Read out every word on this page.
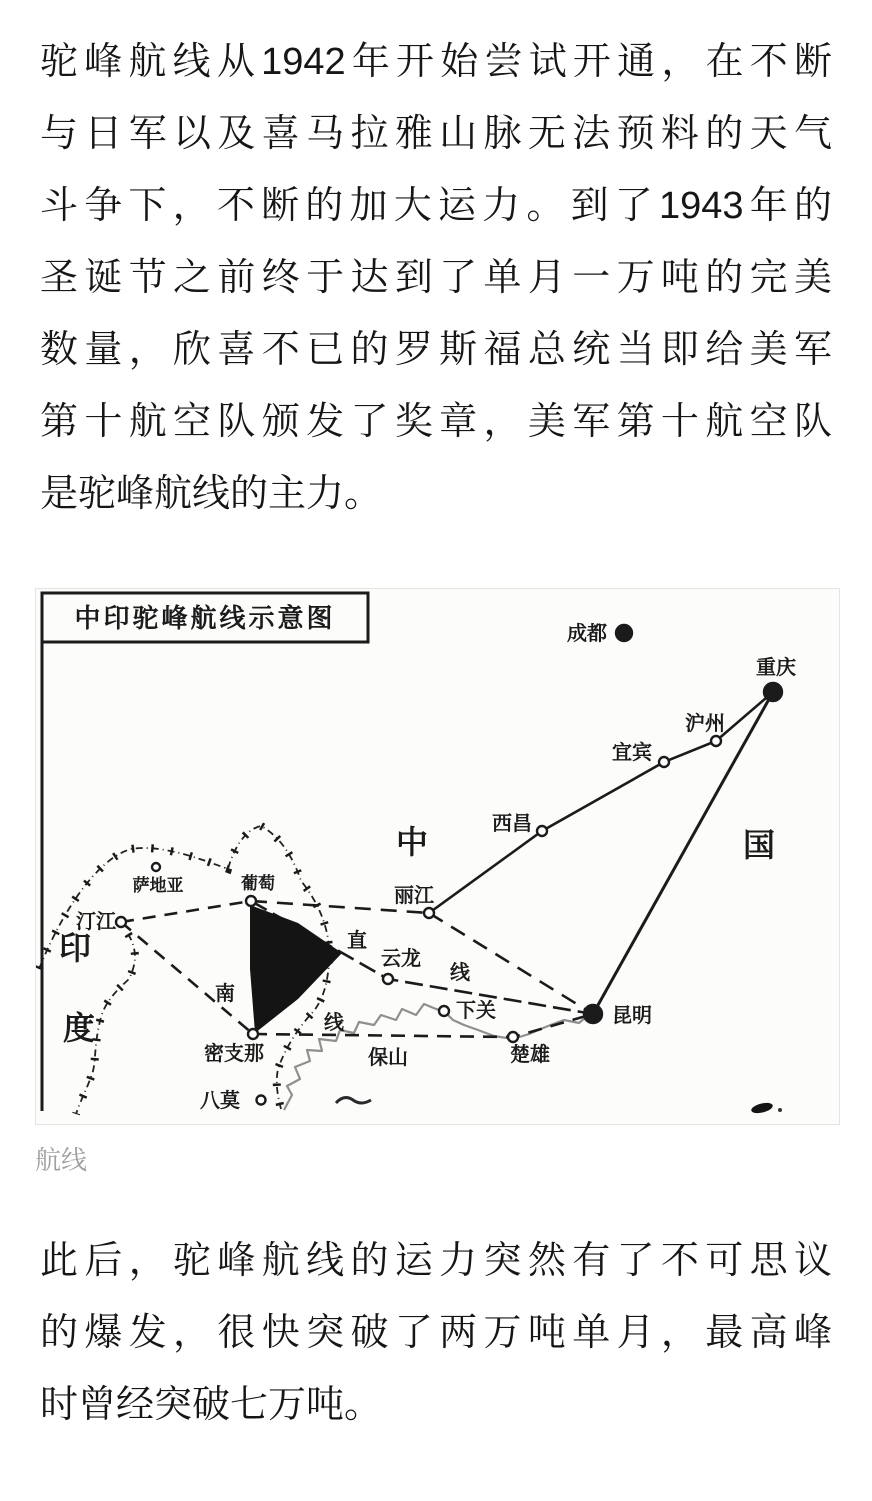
驼峰航线从1942年开始尝试开通，在不断
与日军以及喜马拉雅山脉无法预料的天气
斗争下，不断的加大运力。到了1943年的
圣诞节之前终于达到了单月一万吨的完美
数量，欣喜不已的罗斯福总统当即给美军
第十航空队颁发了奖章，美军第十航空队
是驼峰航线的主力。
中印驼峰航线示意图
中	国
印
度
成都
重庆
沪州
宜宾
西昌
丽江
昆明
下关
楚雄
保山
云龙
密支那
八莫
汀江
萨地亚	葡萄
直
线
南
线
航线
此后，驼峰航线的运力突然有了不可思议
的爆发，很快突破了两万吨单月，最高峰
时曾经突破七万吨。
